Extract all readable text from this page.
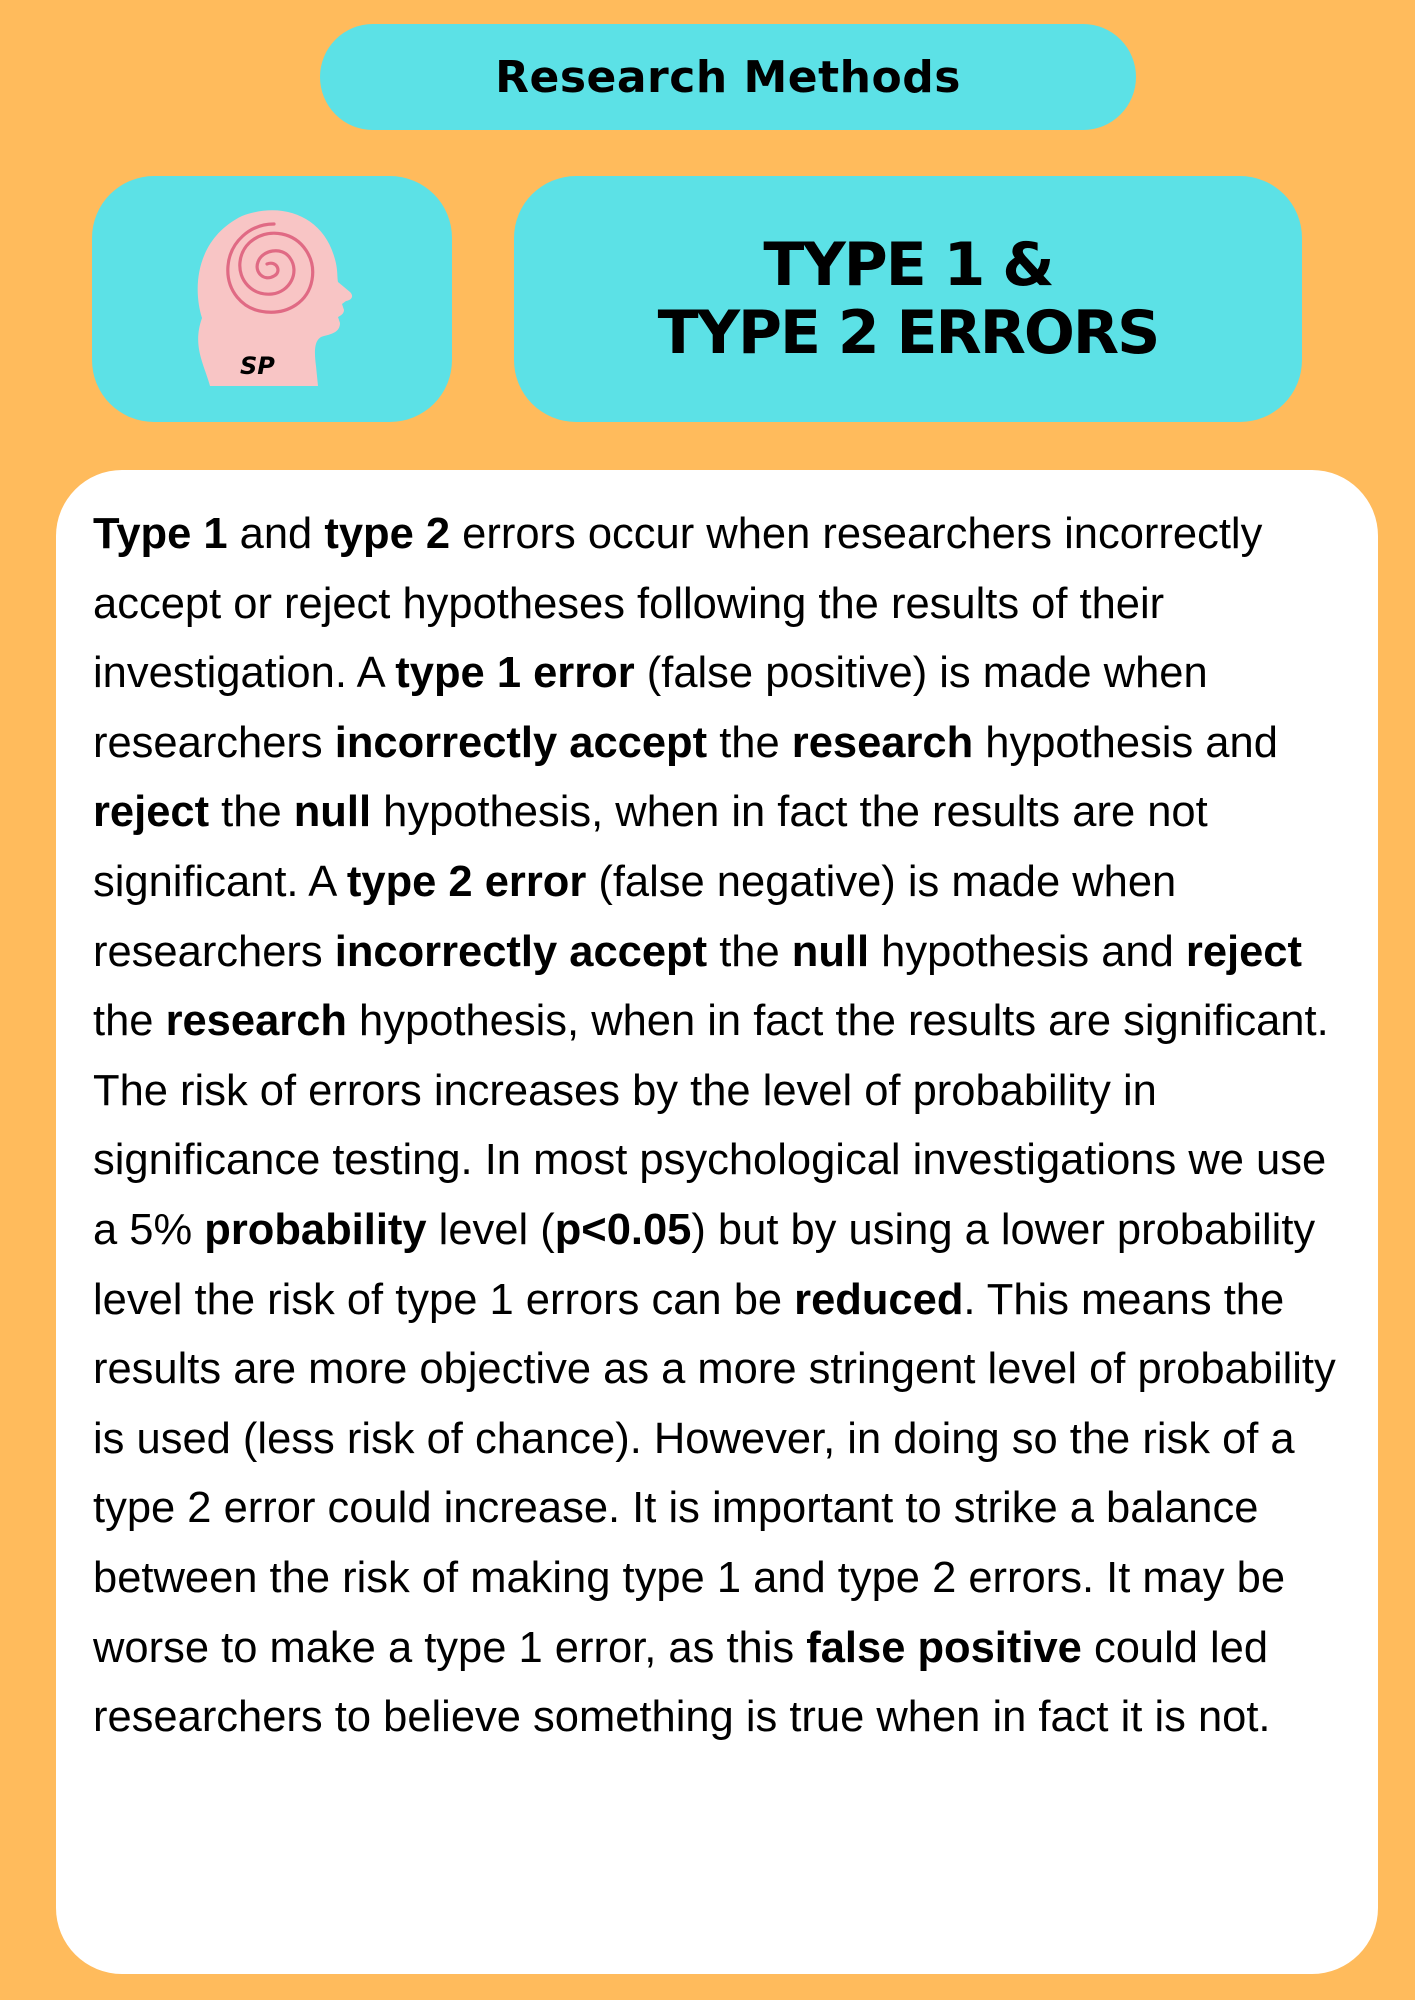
Research Methods
SP
TYPE 1 &
TYPE 2 ERRORS

Type 1 and type 2 errors occur when researchers incorrectly accept or reject hypotheses following the results of their investigation. A type 1 error (false positive) is made when researchers incorrectly accept the research hypothesis and reject the null hypothesis, when in fact the results are not significant. A type 2 error (false negative) is made when researchers incorrectly accept the null hypothesis and reject the research hypothesis, when in fact the results are significant. The risk of errors increases by the level of probability in significance testing. In most psychological investigations we use a 5% probability level (p<0.05) but by using a lower probability level the risk of type 1 errors can be reduced. This means the results are more objective as a more stringent level of probability is used (less risk of chance). However, in doing so the risk of a type 2 error could increase. It is important to strike a balance between the risk of making type 1 and type 2 errors. It may be worse to make a type 1 error, as this false positive could led researchers to believe something is true when in fact it is not.
